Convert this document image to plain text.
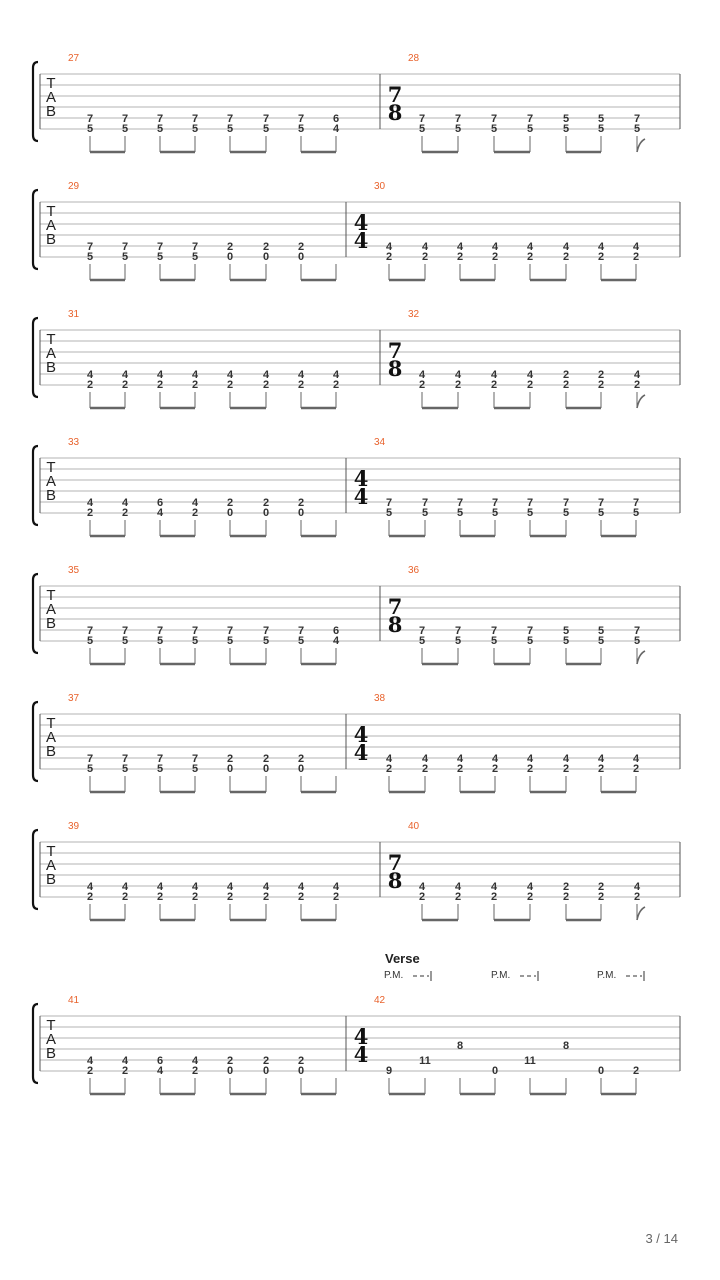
T
A
B
27
7
5
7
5
7
5
7
5
7
5
7
5
7
5
6
4
28
7
8 7
5
7
5
7
5
7
5
5
5
5
5
7
5
T
A
B
29
7
5
7
5
7
5
7
5
2
0
2
0
2
0
30
4
4 4
2
4
2
4
2
4
2
4
2
4
2
4
2
4
2
T
A
B
31
4
2
4
2
4
2
4
2
4
2
4
2
4
2
4
2
32
7
8 4
2
4
2
4
2
4
2
2
2
2
2
4
2
T
A
B
33
4
2
4
2
6
4
4
2
2
0
2
0
2
0
34
4
4 7
5
7
5
7
5
7
5
7
5
7
5
7
5
7
5
T
A
B
35
7
5
7
5
7
5
7
5
7
5
7
5
7
5
6
4
36
7
8 7
5
7
5
7
5
7
5
5
5
5
5
7
5
T
A
B
37
7
5
7
5
7
5
7
5
2
0
2
0
2
0
38
4
4 4
2
4
2
4
2
4
2
4
2
4
2
4
2
4
2
T
A
B
39
4
2
4
2
4
2
4
2
4
2
4
2
4
2
4
2
40
7
8 4
2
4
2
4
2
4
2
2
2
2
2
4
2
T
A
B
41
4
2
4
2
6
4
4
2
2
0
2
0
2
0
42
4
4
9
11
8
0
11
8
0	2
Verse
P.M.	P.M.	P.M.
3 / 14
